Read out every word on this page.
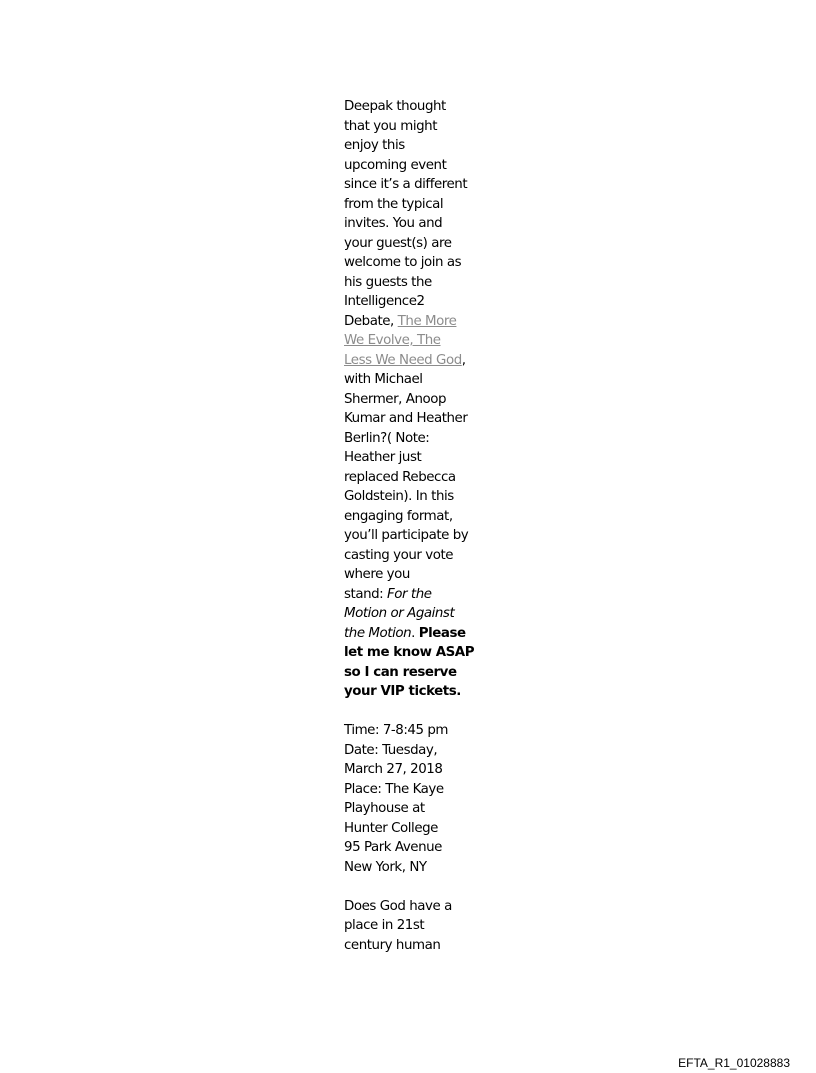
Deepak thought
that you might
enjoy this
upcoming event
since it’s a different
from the typical
invites. You and
your guest(s) are
welcome to join as
his guests the
Intelligence2
Debate, The More
We Evolve, The
Less We Need God,
with Michael
Shermer, Anoop
Kumar and Heather
Berlin?( Note:
Heather just
replaced Rebecca
Goldstein). In this
engaging format,
you’ll participate by
casting your vote
where you
stand: For the
Motion or Against
the Motion. Please
let me know ASAP
so I can reserve
your VIP tickets.
Time: 7-8:45 pm
Date: Tuesday,
March 27, 2018
Place: The Kaye
Playhouse at
Hunter College
95 Park Avenue
New York, NY
Does God have a
place in 21st
century human
EFTA_R1_01028883
